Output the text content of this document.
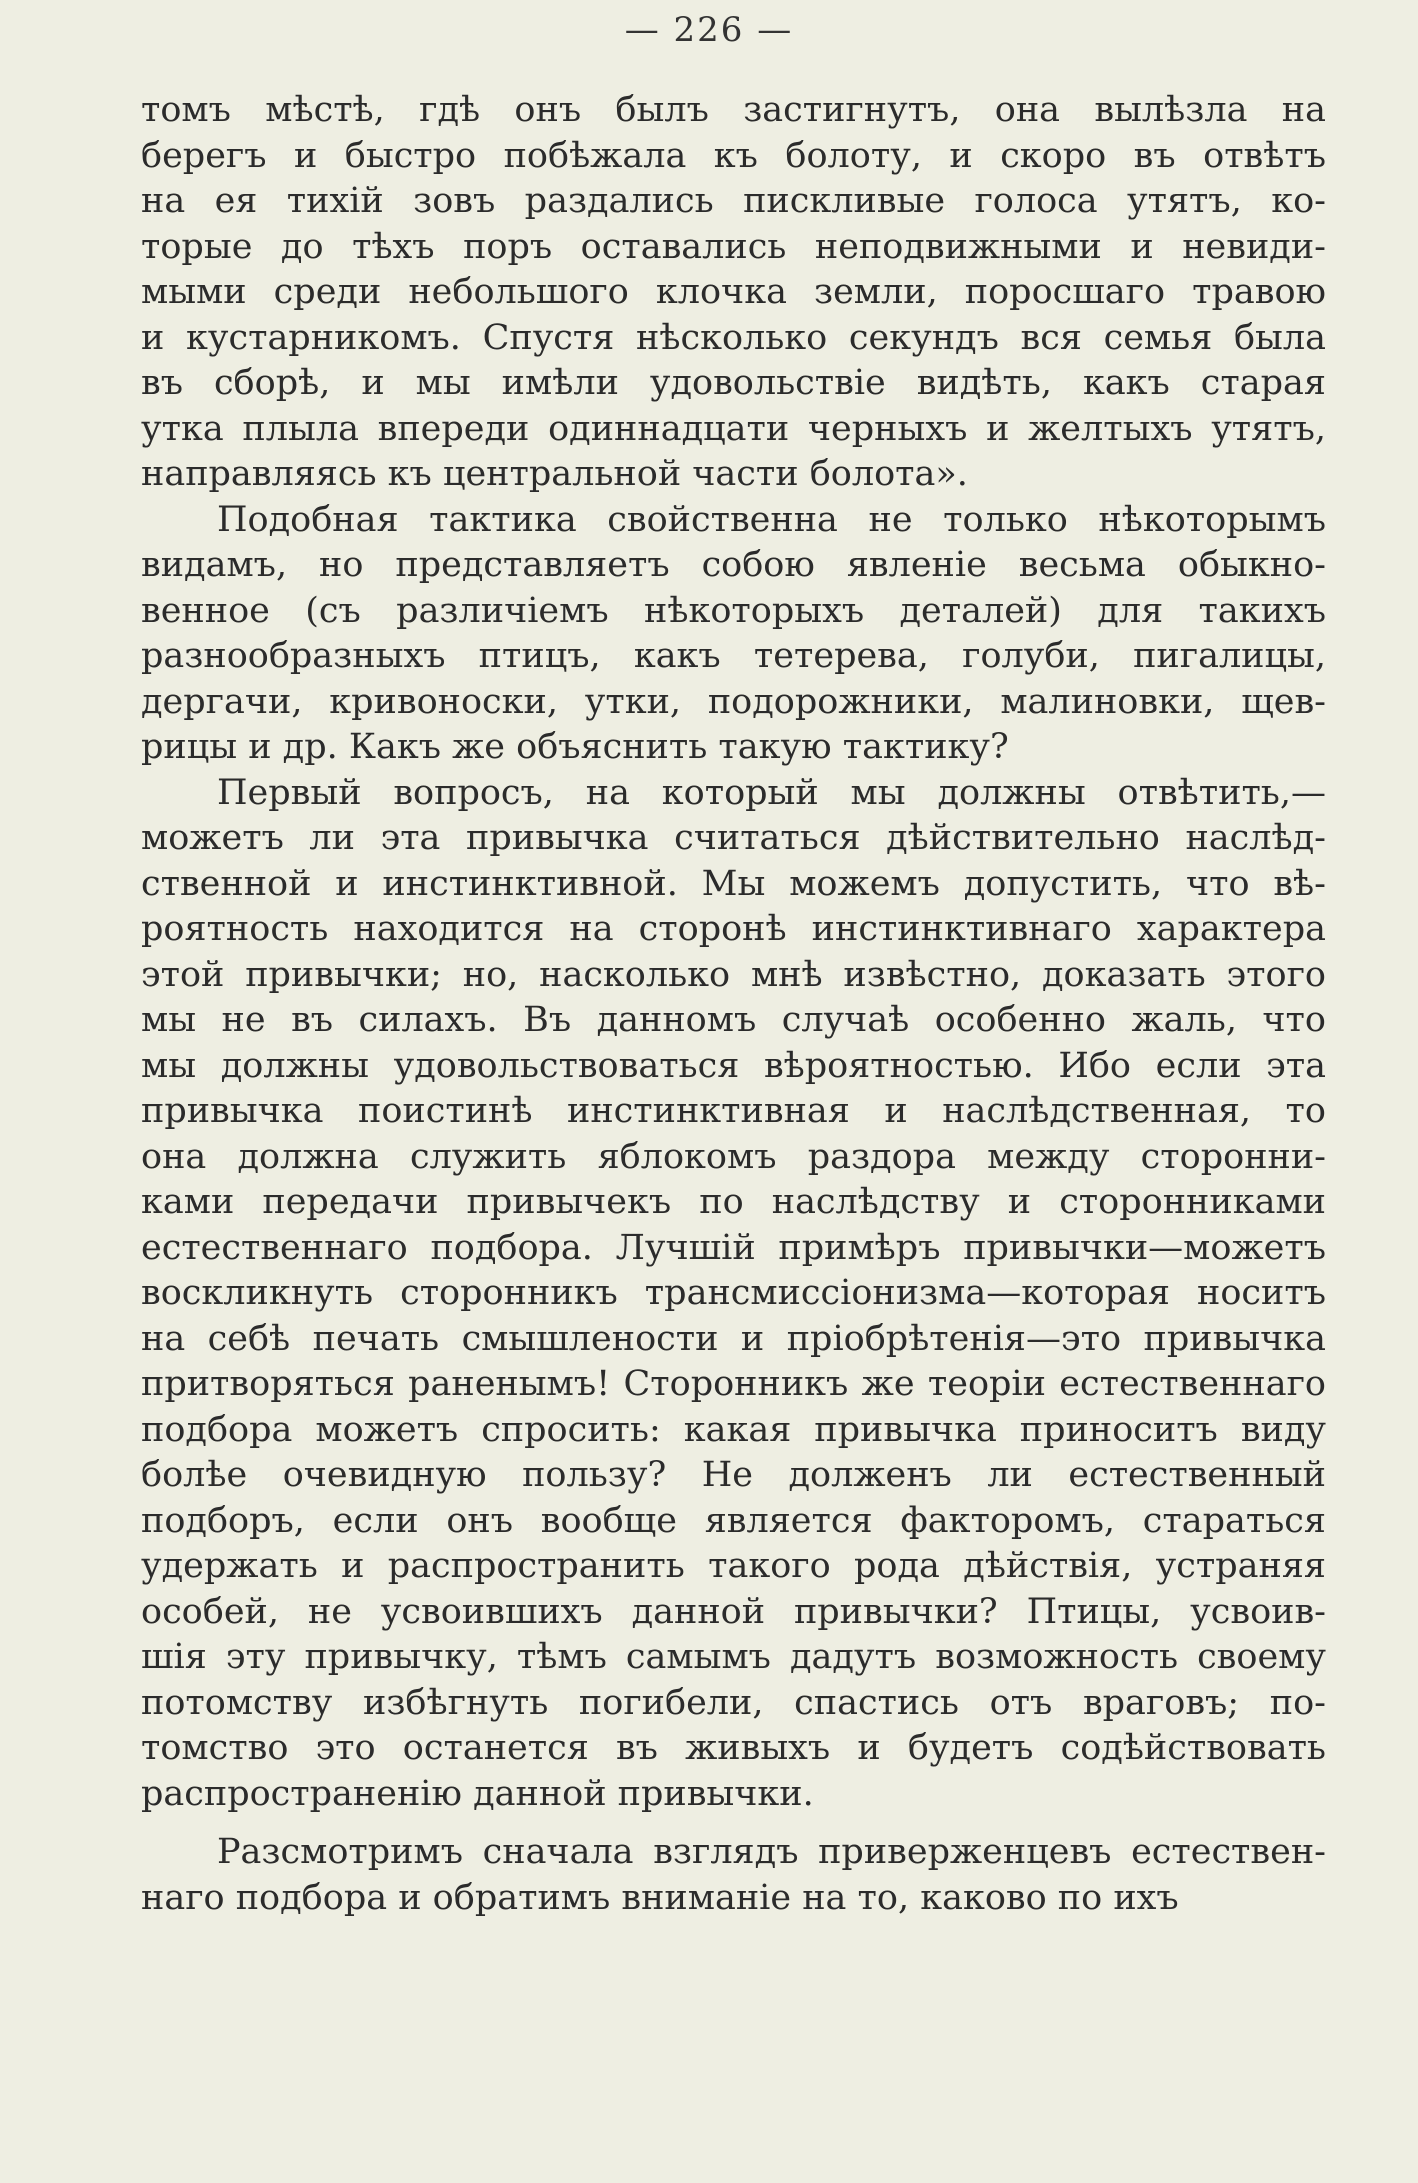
— 226 —
томъ мѣстѣ, гдѣ онъ былъ застигнутъ, она вылѣзла на
берегъ и быстро побѣжала къ болоту, и скоро въ отвѣтъ
на ея тихій зовъ раздались пискливые голоса утятъ, ко-
торые до тѣхъ поръ оставались неподвижными и невиди-
мыми среди небольшого клочка земли, поросшаго травою
и кустарникомъ. Спустя нѣсколько секундъ вся семья была
въ сборѣ, и мы имѣли удовольствіе видѣть, какъ старая
утка плыла впереди одиннадцати черныхъ и желтыхъ утятъ,
направляясь къ центральной части болота».
Подобная тактика свойственна не только нѣкоторымъ
видамъ, но представляетъ собою явленіе весьма обыкно-
венное (съ различіемъ нѣкоторыхъ деталей) для такихъ
разнообразныхъ птицъ, какъ тетерева, голуби, пигалицы,
дергачи, кривоноски, утки, подорожники, малиновки, щев-
рицы и др. Какъ же объяснить такую тактику?
Первый вопросъ, на который мы должны отвѣтить,—
можетъ ли эта привычка считаться дѣйствительно наслѣд-
ственной и инстинктивной. Мы можемъ допустить, что вѣ-
роятность находится на сторонѣ инстинктивнаго характера
этой привычки; но, насколько мнѣ извѣстно, доказать этого
мы не въ силахъ. Въ данномъ случаѣ особенно жаль, что
мы должны удовольствоваться вѣроятностью. Ибо если эта
привычка поистинѣ инстинктивная и наслѣдственная, то
она должна служить яблокомъ раздора между сторонни-
ками передачи привычекъ по наслѣдству и сторонниками
естественнаго подбора. Лучшій примѣръ привычки—можетъ
воскликнуть сторонникъ трансмиссіонизма—которая носитъ
на себѣ печать смышлености и пріобрѣтенія—это привычка
притворяться раненымъ! Сторонникъ же теоріи естественнаго
подбора можетъ спросить: какая привычка приноситъ виду
болѣе очевидную пользу? Не долженъ ли естественный
подборъ, если онъ вообще является факторомъ, стараться
удержать и распространить такого рода дѣйствія, устраняя
особей, не усвоившихъ данной привычки? Птицы, усвоив-
шія эту привычку, тѣмъ самымъ дадутъ возможность своему
потомству избѣгнуть погибели, спастись отъ враговъ; по-
томство это останется въ живыхъ и будетъ содѣйствовать
распространенію данной привычки.
Разсмотримъ сначала взглядъ приверженцевъ естествен-
наго подбора и обратимъ вниманіе на то, каково по ихъ
